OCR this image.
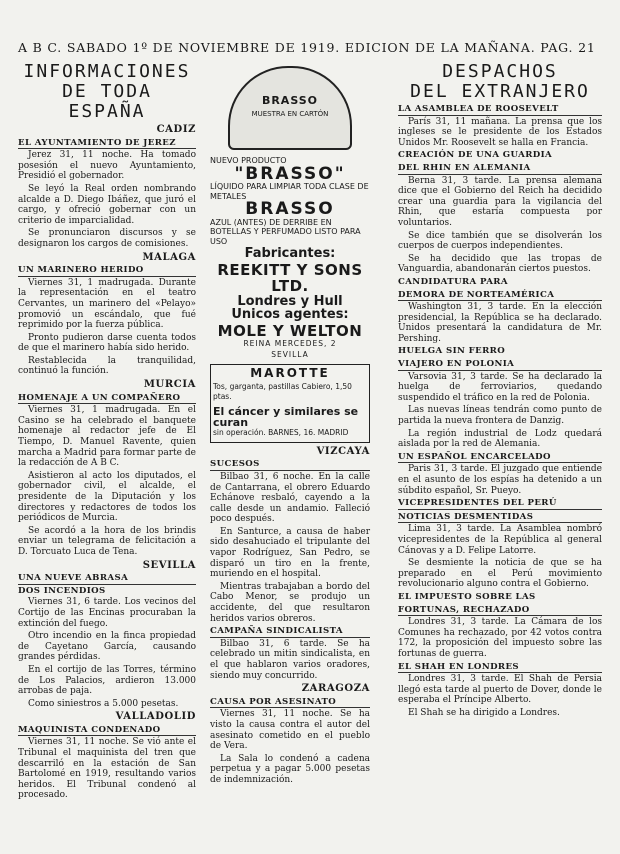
A B C. SABADO 1º DE NOVIEMBRE DE 1919. EDICION DE LA MAÑANA. PAG. 21
INFORMACIONES
DE TODA ESPAÑA
CADIZ
EL AYUNTAMIENTO DE JEREZ

Jerez 31, 11 noche. Ha tomado posesión el nuevo Ayuntamiento, Presidió el gobernador.

Se leyó la Real orden nombrando alcalde a D. Diego Ibáñez, que juró el cargo, y ofreció gobernar con un criterio de imparcialidad.

Se pronunciaron discursos y se designaron los cargos de comisiones.

MALAGA
UN MARINERO HERIDO

Viernes 31, 1 madrugada. Durante la representación en el teatro Cervantes, un marinero del «Pelayo» promovió un escándalo, que fué reprimido por la fuerza pública.

Pronto pudieron darse cuenta todos de que el marinero había sido herido.

Restablecida la tranquilidad, continuó la función.

MURCIA
HOMENAJE A UN COMPAÑERO

Viernes 31, 1 madrugada. En el Casino se ha celebrado el banquete homenaje al redactor jefe de El Tiempo, D. Manuel Ravente, quien marcha a Madrid para formar parte de la redacción de A B C.

Asistieron al acto los diputados, el gobernador civil, el alcalde, el presidente de la Diputación y los directores y redactores de todos los periódicos de Murcia.

Se acordó a la hora de los brindis enviar un telegrama de felicitación a D. Torcuato Luca de Tena.

SEVILLA
UNA NUEVE ABRASA
DOS INCENDIOS

Viernes 31, 6 tarde. Los vecinos del Cortijo de las Encinas procuraban la extinción del fuego.

Otro incendio en la finca propiedad de Cayetano García, causando grandes pérdidas.

En el cortijo de las Torres, término de Los Palacios, ardieron 13.000 arrobas de paja.

Como siniestros a 5.000 pesetas.

VALLADOLID
MAQUINISTA CONDENADO

Viernes 31, 11 noche. Se vió ante el Tribunal el maquinista del tren que descarriló en la estación de San Bartolomé en 1919, resultando varios heridos. El Tribunal condenó al procesado.

BRASSO
MUESTRA EN CARTÓN
NUEVO PRODUCTO
"BRASSO"
LÍQUIDO PARA LIMPIAR TODA CLASE DE METALES
BRASSO
AZUL (ANTES) DE DERRIBE EN BOTELLAS Y PERFUMADO LISTO PARA USO
Fabricantes:
REEKITT Y SONS LTD.
Londres y Hull
Unicos agentes:
MOLE Y WELTON
REINA MERCEDES, 2
SEVILLA
MAROTTE
Tos, garganta, pastillas Cabiero, 1,50 ptas.
El cáncer y similares se curan
sin operación. BARNES, 16. MADRID
VIZCAYA
SUCESOS

Bilbao 31, 6 noche. En la calle de Cantarrana, el obrero Eduardo Echánove resbaló, cayendo a la calle desde un andamio. Falleció poco después.

En Santurce, a causa de haber sido desahuciado el tripulante del vapor Rodríguez, San Pedro, se disparó un tiro en la frente, muriendo en el hospital.

Mientras trabajaban a bordo del Cabo Menor, se produjo un accidente, del que resultaron heridos varios obreros.

CAMPAÑA SINDICALISTA

Bilbao 31, 6 tarde. Se ha celebrado un mitin sindicalista, en el que hablaron varios oradores, siendo muy concurrido.

ZARAGOZA
CAUSA POR ASESINATO

Viernes 31, 11 noche. Se ha visto la causa contra el autor del asesinato cometido en el pueblo de Vera.

La Sala lo condenó a cadena perpetua y a pagar 5.000 pesetas de indemnización.

DESPACHOS
DEL EXTRANJERO
LA ASAMBLEA DE ROOSEVELT

París 31, 11 mañana. La prensa que los ingleses se le presidente de los Estados Unidos Mr. Roosevelt se halla en Francia.

CREACIÓN DE UNA GUARDIA
DEL RHIN EN ALEMANIA

Berna 31, 3 tarde. La prensa alemana dice que el Gobierno del Reich ha decidido crear una guardia para la vigilancia del Rhin, que estaría compuesta por voluntarios.

Se dice también que se disolverán los cuerpos de cuerpos independientes.

Se ha decidido que las tropas de Vanguardia, abandonarán ciertos puestos.

CANDIDATURA PARA
DEMORA DE NORTEAMÉRICA

Washington 31, 3 tarde. En la elección presidencial, la República se ha declarado. Unidos presentará la candidatura de Mr. Pershing.

HUELGA SIN FERRO
VIAJERO EN POLONIA

Varsovia 31, 3 tarde. Se ha declarado la huelga de ferroviarios, quedando suspendido el tráfico en la red de Polonia.

Las nuevas líneas tendrán como punto de partida la nueva frontera de Danzig.

La región industrial de Lodz quedará aislada por la red de Alemania.

UN ESPAÑOL ENCARCELADO

Paris 31, 3 tarde. El juzgado que entiende en el asunto de los espías ha detenido a un súbdito español, Sr. Pueyo.

VICEPRESIDENTES DEL PERÚ
NOTICIAS DESMENTIDAS

Lima 31, 3 tarde. La Asamblea nombró vicepresidentes de la República al general Cánovas y a D. Felipe Latorre.

Se desmiente la noticia de que se ha preparado en el Perú movimiento revolucionario alguno contra el Gobierno.

EL IMPUESTO SOBRE LAS
FORTUNAS, RECHAZADO

Londres 31, 3 tarde. La Cámara de los Comunes ha rechazado, por 42 votos contra 172, la proposición del impuesto sobre las fortunas de guerra.

EL SHAH EN LONDRES

Londres 31, 3 tarde. El Shah de Persia llegó esta tarde al puerto de Dover, donde le esperaba el Príncipe Alberto.

El Shah se ha dirigido a Londres.
